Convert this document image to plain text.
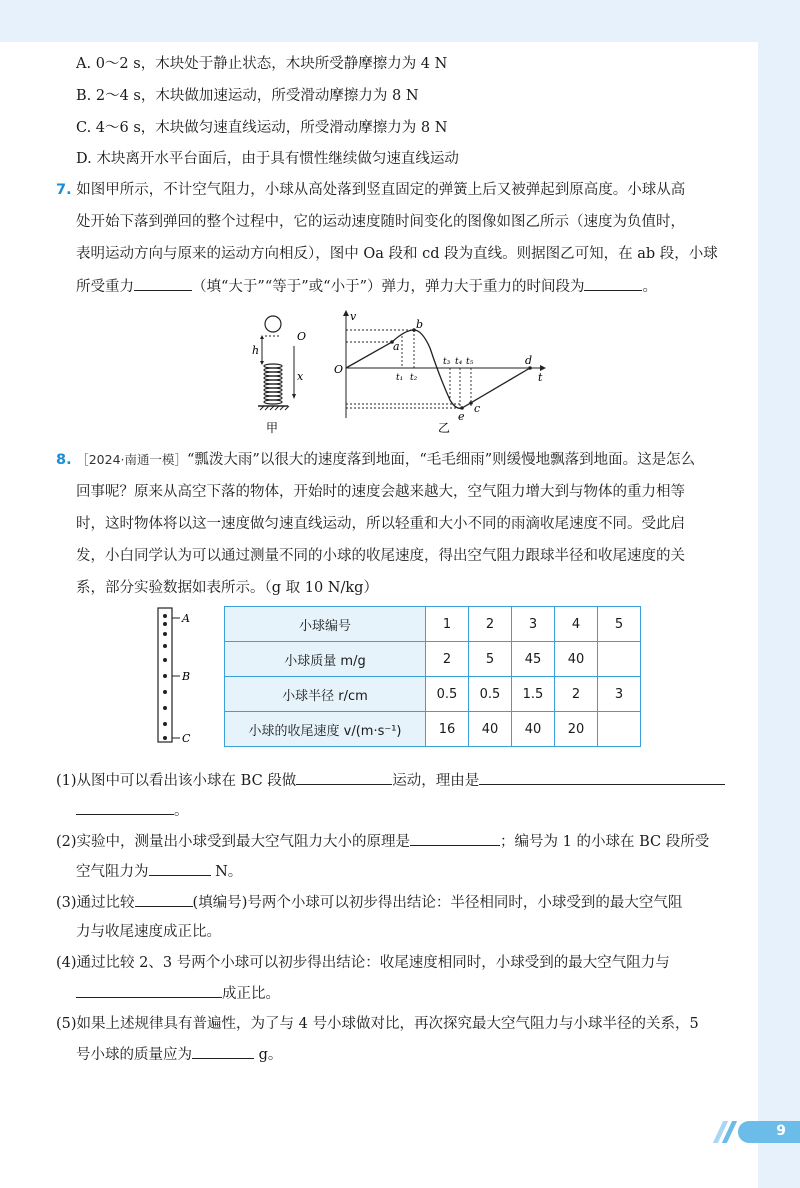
A. 0～2 s，木块处于静止状态，木块所受静摩擦力为 4 N
B. 2～4 s，木块做加速运动，所受滑动摩擦力为 8 N
C. 4～6 s，木块做匀速直线运动，所受滑动摩擦力为 8 N
D. 木块离开水平台面后，由于具有惯性继续做匀速直线运动
7. 如图甲所示，不计空气阻力，小球从高处落到竖直固定的弹簧上后又被弹起到原高度。小球从高
处开始下落到弹回的整个过程中，它的运动速度随时间变化的图像如图乙所示（速度为负值时，
表明运动方向与原来的运动方向相反），图中 Oa 段和 cd 段为直线。则据图乙可知，在 ab 段，小球
所受重力	（填“大于”“等于”或“小于”）弹力，弹力大于重力的时间段为	。
h
O
x
甲
v
t
O
b
a
e
c
d
t₁ t₂
t₃ t₄ t₅
乙
8. ［2024·南通一模］“瓢泼大雨”以很大的速度落到地面，“毛毛细雨”则缓慢地飘落到地面。这是怎么
回事呢？原来从高空下落的物体，开始时的速度会越来越大，空气阻力增大到与物体的重力相等
时，这时物体将以这一速度做匀速直线运动，所以轻重和大小不同的雨滴收尾速度不同。受此启
发，小白同学认为可以通过测量不同的小球的收尾速度，得出空气阻力跟球半径和收尾速度的关
系，部分实验数据如表所示。（g 取 10 N/kg）
A
B
C
小球编号	1	2	3	4	5
小球质量 m/g	2	5	45	40	
小球半径 r/cm	0.5	0.5	1.5	2	3
小球的收尾速度 v/(m·s⁻¹)	16	40	40	20	
(1)从图中可以看出该小球在 BC 段做	运动，理由是
。
(2)实验中，测量出小球受到最大空气阻力大小的原理是	；编号为 1 的小球在 BC 段所受
空气阻力为	N。
(3)通过比较	(填编号)号两个小球可以初步得出结论：半径相同时，小球受到的最大空气阻
力与收尾速度成正比。
(4)通过比较 2、3 号两个小球可以初步得出结论：收尾速度相同时，小球受到的最大空气阻力与
成正比。
(5)如果上述规律具有普遍性，为了与 4 号小球做对比，再次探究最大空气阻力与小球半径的关系，5
号小球的质量应为	g。
9
